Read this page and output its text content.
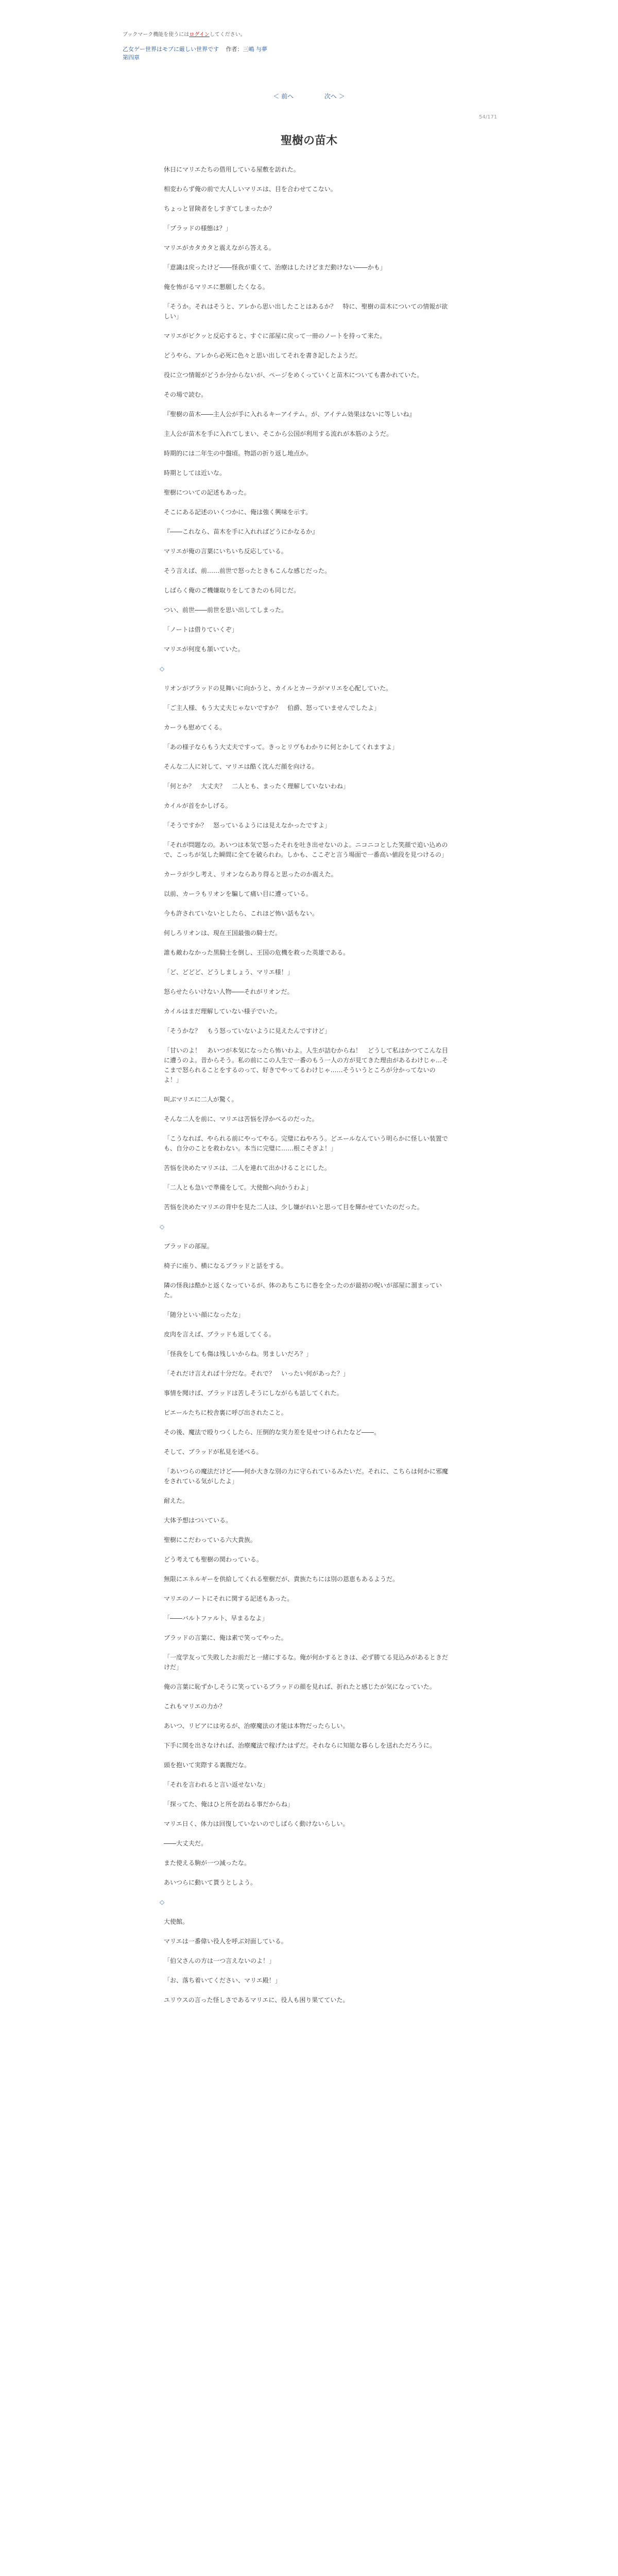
ブックマーク機能を使うにはログインしてください。
乙女ゲー世界はモブに厳しい世界です 作者：三嶋 与夢
第四章
＜ 前へ	次へ ＞
54/171
聖樹の苗木

休日にマリエたちの借用している屋敷を訪れた。

相変わらず俺の前で大人しいマリエは、目を合わせてこない。

ちょっと冒険者をしすぎてしまったか？

「ブラッドの様態は？」

マリエがカタカタと震えながら答える。

「意識は戻ったけど――怪我が重くて、治療はしたけどまだ動けない――かも」

俺を怖がるマリエに懇願したくなる。

「そうか。それはそうと、アレから思い出したことはあるか？　特に、聖樹の苗木についての情報が欲しい」

マリエがビクッと反応すると、すぐに部屋に戻って一冊のノートを持って来た。

どうやら、アレから必死に色々と思い出してそれを書き記したようだ。

役に立つ情報がどうか分からないが、ページをめくっていくと苗木についても書かれていた。

その場で読む。

『聖樹の苗木――主人公が手に入れるキーアイテム。が、アイテム効果はないに等しいね』

主人公が苗木を手に入れてしまい、そこから公国が利用する流れが本筋のようだ。

時期的には二年生の中盤頃。物語の折り返し地点か。

時期としては近いな。

聖樹についての記述もあった。

そこにある記述のいくつかに、俺は強く興味を示す。

『――これなら、苗木を手に入れればどうにかなるか』

マリエが俺の言葉にいちいち反応している。

そう言えば、前……前世で怒ったときもこんな感じだった。

しばらく俺のご機嫌取りをしてきたのも同じだ。

つい、前世――前世を思い出してしまった。

「ノートは借りていくぞ」

マリエが何度も頷いていた。

◇

リオンがブラッドの見舞いに向かうと、カイルとカーラがマリエを心配していた。

「ご主人様、もう大丈夫じゃないですか？　伯爵、怒っていませんでしたよ」

カーラも慰めてくる。

「あの様子ならもう大丈夫ですって。きっとリヴもわかりに何とかしてくれますよ」

そんな二人に対して、マリエは酷く沈んだ顔を向ける。

「何とか？　大丈夫？　二人とも、まったく理解していないわね」

カイルが首をかしげる。

「そうですか？　怒っているようには見えなかったですよ」

「それが問題なの。あいつは本気で怒ったそれを吐き出せないのよ。ニコニコとした笑顔で追い込めので、こっちが気した瞬間に全てを破られわ。しかも、ここぞと言う場面で一番高い値段を見つけるの」

カーラが少し考え、リオンならあり得ると思ったのか震えた。

以前、カーラもリオンを騙して痛い目に遭っている。

今も許されていないとしたら、これほど怖い話もない。

何しろリオンは、現在王国最強の騎士だ。

誰も敵わなかった黒騎士を倒し、王国の危機を救った英雄である。

「ど、どどど、どうしましょう、マリエ様！」

怒らせたらいけない人物――それがリオンだ。

カイルはまだ理解していない様子でいた。

「そうかな？　もう怒っていないように見えたんですけど」

「甘いのよ！　あいつが本気になったら怖いわよ。人生が詰むからね！　どうして私はかつてこんな目に遭うのよ。昔からそう。私の前にこの人生で一番のもう一人の方が見てきた理由があるわけじゃ…そこまで怒られることをするのって、好きでやってるわけじゃ……そういうところが分かってないのよ！」

叫ぶマリエに二人が驚く。

そんな二人を前に、マリエは苦悩を浮かべるのだった。

「こうなれば、やられる前にやってやる。完璧にねやろう。どエールなんていう明らかに怪しい装置でも、自分のことを救わない。本当に完璧に……根こそぎよ！」

苦悩を決めたマリエは、二人を連れて出かけることにした。

「二人とも急いで準備をして。大使館へ向かうわよ」

苦悩を決めたマリエの背中を見た二人は、少し嫌がれいと思って目を輝かせていたのだった。

◇

ブラッドの部屋。

椅子に座り、横になるブラッドと話をする。

隣の怪我は酷かと返くなっているが、体のあちこちに巻を全ったのが最初の呪いが部屋に溜まっていた。

「随分といい顔になったな」

皮肉を言えば、ブラッドも返してくる。

「怪我をしても傷は残しいからね。男ましいだろ？」

「それだけ言えれば十分だな。それで？　いったい何があった？」

事情を聞けば、ブラッドは苦しそうにしながらも話してくれた。

ピエールたちに校舎裏に呼び出されたこと。

その後、魔法で殴りつくしたら、圧倒的な実力差を見せつけられたなど――。

そして、ブラッドが私見を述べる。

「あいつらの魔法だけど――何か大きな別の力に守られているみたいだ。それに、こちらは何かに邪魔をされている気がしたよ」

耐えた。

大体予想はついている。

聖樹にこだわっている六大貴族。

どう考えても聖樹の関わっている。

無限にエネルギーを供給してくれる聖樹だが、貴族たちには別の恩恵もあるようだ。

マリエのノートにそれに関する記述もあった。

「――バルトファルト、早まるなよ」

ブラッドの言葉に、俺は素で笑ってやった。

「一度学友って失敗したお前だと一緒にするな。俺が何かするときは、必ず勝てる見込みがあるときだけだ」

俺の言葉に恥ずかしそうに笑っているブラッドの顔を見れば、折れたと感じたが気になっていた。

これもマリエの力か？

あいつ、リビアには劣るが、治療魔法の才能は本物だったらしい。

下手に関を出さなければ、治療魔法で稼げたはずだ。それならに知能な暮らしを送れただろうに。

頭を抱いて実際する裏腹だな。

「それを言われると言い返せないな」

「探ってた、俺はひと所を訪ねる事だからね」

マリエ日く、体力は回復していないのでしばらく動けないらしい。

――大丈夫だ。

また使える駒が一つ減ったな。

あいつらに動いて貰うとしよう。

◇

大使館。

マリエは一番偉い役人を呼ぶ対面している。

「伯父さんの方は一つ言えないのよ！」

「お、落ち着いてください、マリエ殿！」

ユリウスの言った怪しさであるマリエに、役人も困り果てていた。
